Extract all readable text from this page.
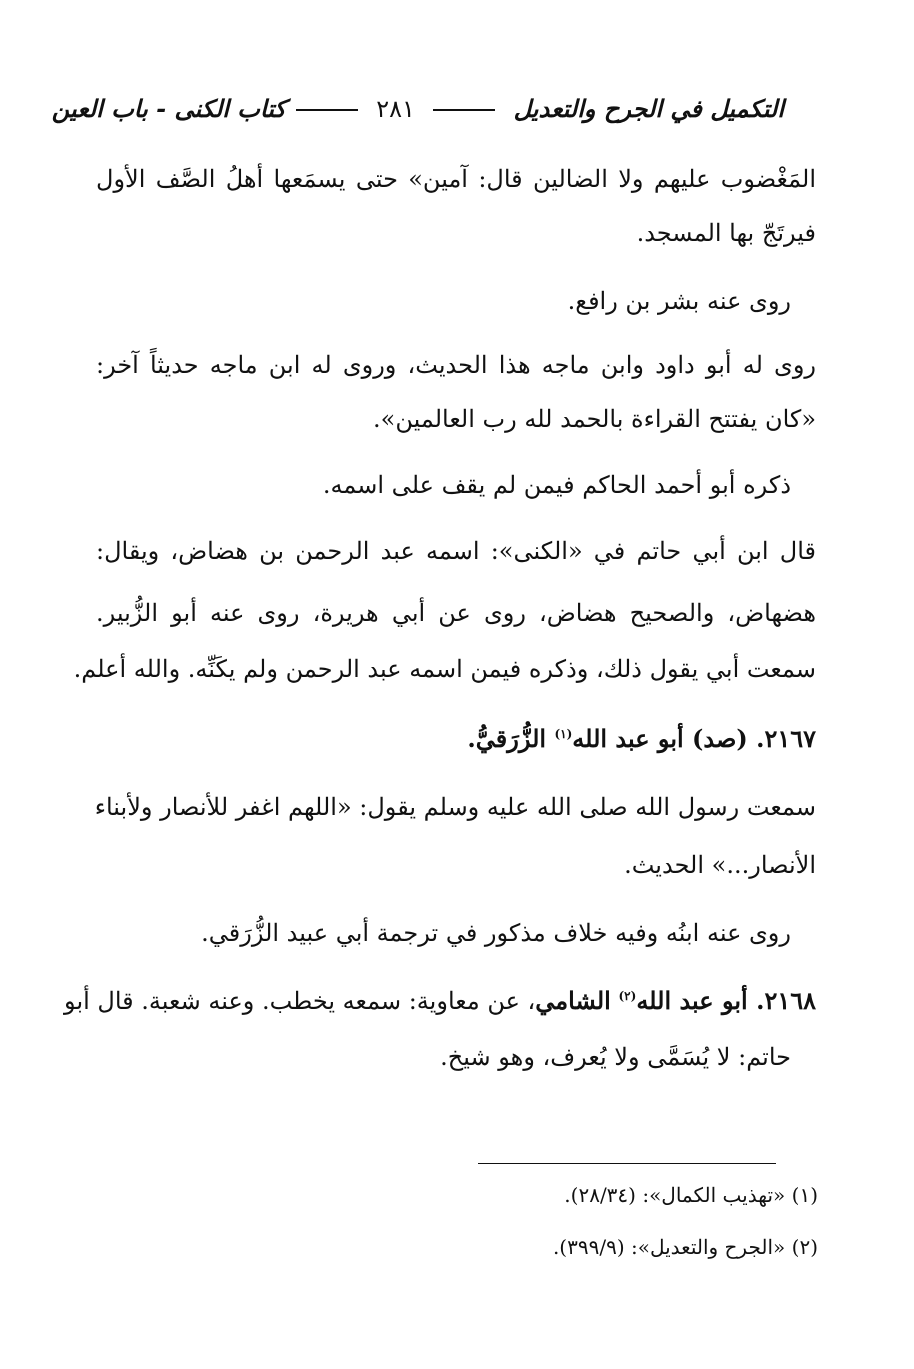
التكميل في الجرح والتعديل  ٢٨١
كتاب الكنى - باب العين
المَغْضوب عليهم ولا الضالين قال: آمين» حتى يسمَعها أهلُ الصَّف الأول
فيرتَجّ بها المسجد.
روى عنه بشر بن رافع.
روى له أبو داود وابن ماجه هذا الحديث، وروى له ابن ماجه حديثاً آخر:
«كان يفتتح القراءة بالحمد لله رب العالمين».
ذكره أبو أحمد الحاكم فيمن لم يقف على اسمه.
قال ابن أبي حاتم في «الكنى»: اسمه عبد الرحمن بن هضاض، ويقال:
هضهاض، والصحيح هضاض، روى عن أبي هريرة، روى عنه أبو الزُّبير.
سمعت أبي يقول ذلك، وذكره فيمن اسمه عبد الرحمن ولم يكَنِّه. والله أعلم.
٢١٦٧. (صد) أبو عبد الله$^{(١)}$ الزُّرَقيُّ.
سمعت رسول الله صلى الله عليه وسلم يقول: «اللهم اغفر للأنصار ولأبناء
الأنصار...» الحديث.
روى عنه ابنُه وفيه خلاف مذكور في ترجمة أبي عبيد الزُّرَقي.
٢١٦٨. أبو عبد الله$^{(٢)}$ الشامي، عن معاوية: سمعه يخطب. وعنه شعبة. قال أبو
حاتم: لا يُسَمَّى ولا يُعرف، وهو شيخ.
(١) «تهذيب الكمال»: (٢٨/٣٤).
(٢) «الجرح والتعديل»: (٣٩٩/٩).
